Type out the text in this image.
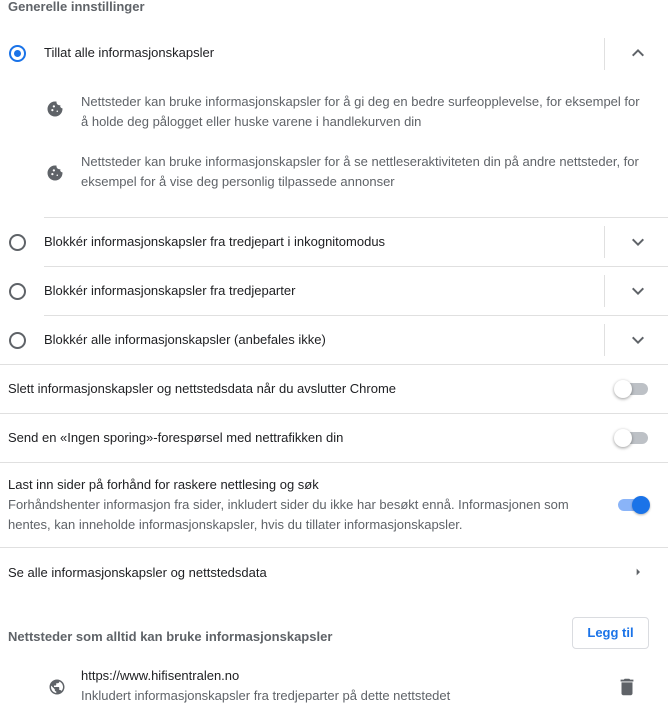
Generelle innstillinger
Tillat alle informasjonskapsler
Nettsteder kan bruke informasjonskapsler for å gi deg en bedre surfeopplevelse, for eksempel for
å holde deg pålogget eller huske varene i handlekurven din
Nettsteder kan bruke informasjonskapsler for å se nettleseraktiviteten din på andre nettsteder, for
eksempel for å vise deg personlig tilpassede annonser
Blokkér informasjonskapsler fra tredjepart i inkognitomodus
Blokkér informasjonskapsler fra tredjeparter
Blokkér alle informasjonskapsler (anbefales ikke)
Slett informasjonskapsler og nettstedsdata når du avslutter Chrome
Send en «Ingen sporing»-forespørsel med nettrafikken din
Last inn sider på forhånd for raskere nettlesing og søk
Forhåndshenter informasjon fra sider, inkludert sider du ikke har besøkt ennå. Informasjonen som
hentes, kan inneholde informasjonskapsler, hvis du tillater informasjonskapsler.
Se alle informasjonskapsler og nettstedsdata
Nettsteder som alltid kan bruke informasjonskapsler	Legg til
https://www.hifisentralen.no
Inkludert informasjonskapsler fra tredjeparter på dette nettstedet
